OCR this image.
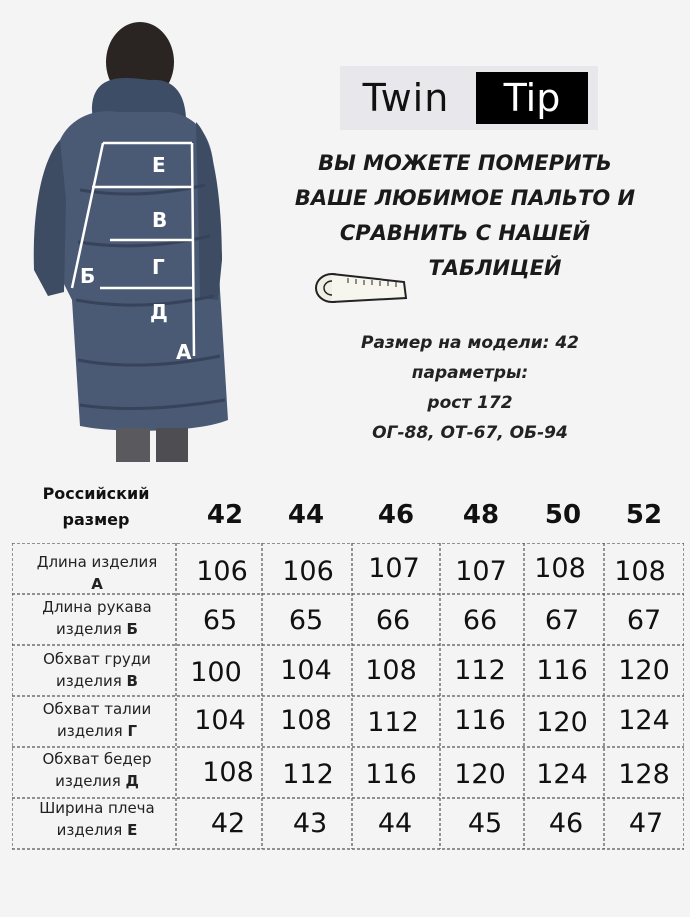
Е
В
Б	Г
Д
А
Twin	Tip
ВЫ МОЖЕТЕ ПОМЕРИТЬ
ВАШЕ ЛЮБИМОЕ ПАЛЬТО И
СРАВНИТЬ С НАШЕЙ
ТАБЛИЦЕЙ
Размер на модели: 42
параметры:
рост 172
ОГ-88, ОТ-67, ОБ-94
Российский
размер	42	44	46	48	50	52
Длина изделия
А	106	106	107	107	108	108
Длина рукава
изделия Б	65	65	66	66	67	67
Обхват груди
изделия В	100	104	108	112	116	120
Обхват талии
изделия Г	104	108	112	116	120	124
Обхват бедер
изделия Д	108	112	116	120	124	128
Ширина плеча
изделия Е	42	43	44	45	46	47
